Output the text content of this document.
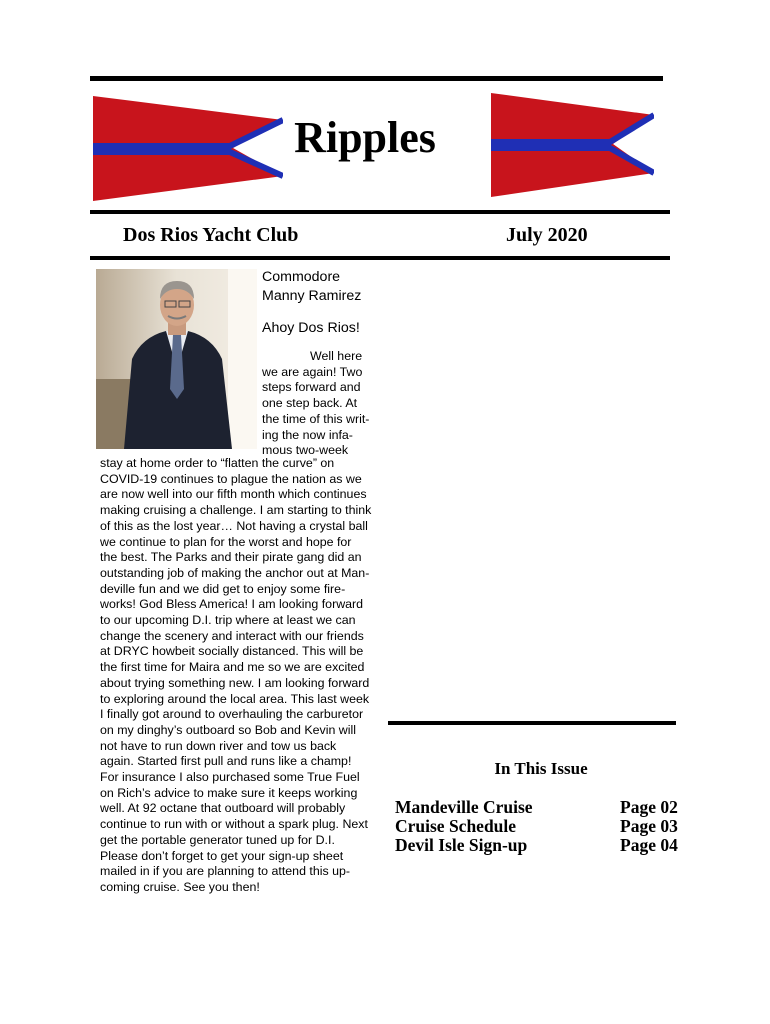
Ripples
Dos Rios Yacht Club	July 2020
Commodore
Manny Ramirez
Ahoy Dos Rios!
Well here
we are again! Two
steps forward and
one step back. At
the time of this writ-
ing the now infa-
mous two-week
stay at home order to “flatten the curve” on
COVID-19 continues to plague the nation as we
are now well into our fifth month which continues
making cruising a challenge. I am starting to think
of this as the lost year… Not having a crystal ball
we continue to plan for the worst and hope for
the best. The Parks and their pirate gang did an
outstanding job of making the anchor out at Man-
deville fun and we did get to enjoy some fire-
works! God Bless America! I am looking forward
to our upcoming D.I. trip where at least we can
change the scenery and interact with our friends
at DRYC howbeit socially distanced. This will be
the first time for Maira and me so we are excited
about trying something new. I am looking forward
to exploring around the local area. This last week
I finally got around to overhauling the carburetor
on my dinghy’s outboard so Bob and Kevin will
not have to run down river and tow us back
again. Started first pull and runs like a champ!
For insurance I also purchased some True Fuel
on Rich’s advice to make sure it keeps working
well. At 92 octane that outboard will probably
continue to run with or without a spark plug. Next
get the portable generator tuned up for D.I.
Please don’t forget to get your sign-up sheet
mailed in if you are planning to attend this up-
coming cruise. See you then!
In This Issue
Mandeville Cruise	Page 02
Cruise Schedule	Page 03
Devil Isle Sign-up	Page 04
